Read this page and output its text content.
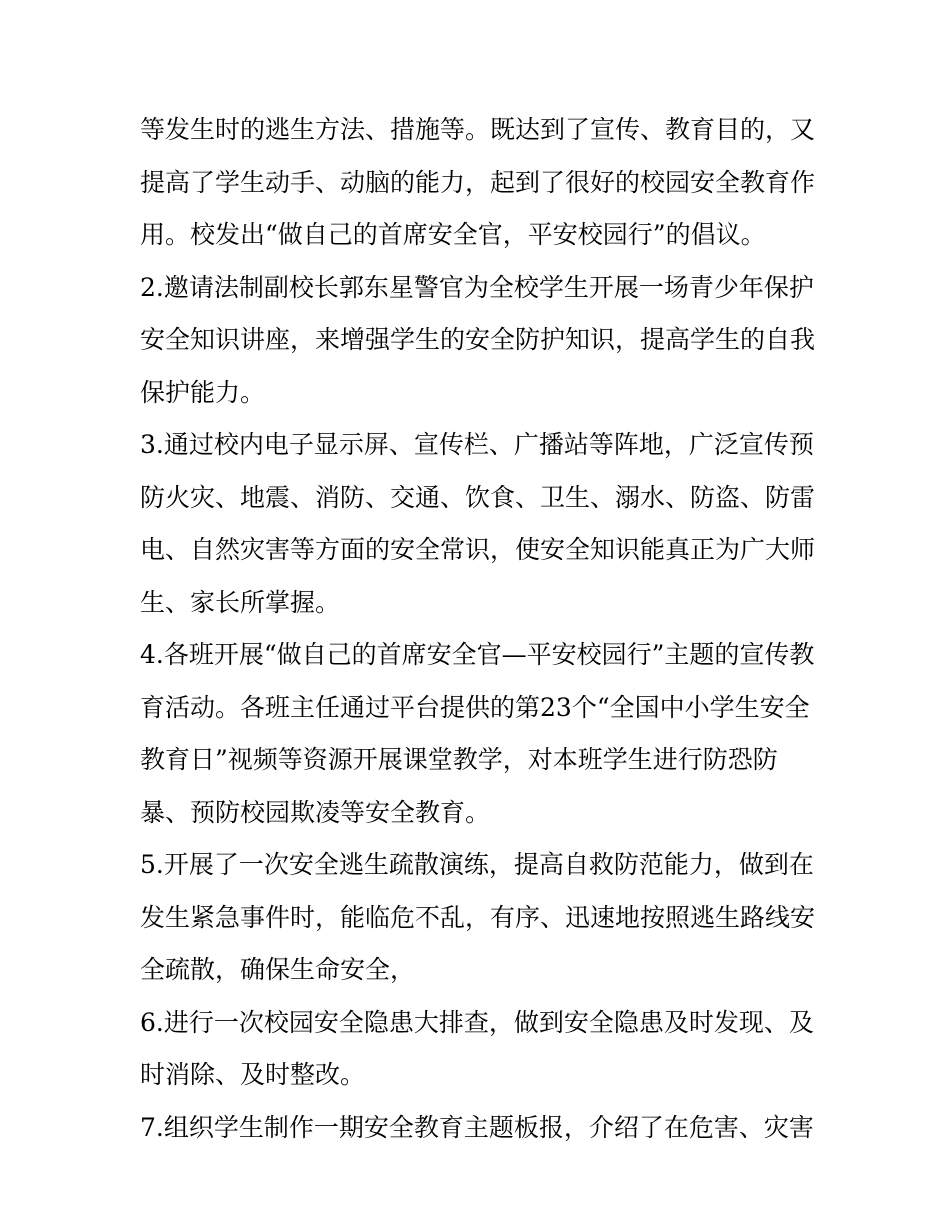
等发生时的逃生方法、措施等。既达到了宣传、教育目的，又
提高了学生动手、动脑的能力，起到了很好的校园安全教育作
用。校发出“做自己的首席安全官，平安校园行”的倡议。

2.邀请法制副校长郭东星警官为全校学生开展一场青少年保护
安全知识讲座，来增强学生的安全防护知识，提高学生的自我
保护能力。

3.通过校内电子显示屏、宣传栏、广播站等阵地，广泛宣传预
防火灾、地震、消防、交通、饮食、卫生、溺水、防盗、防雷
电、自然灾害等方面的安全常识，使安全知识能真正为广大师
生、家长所掌握。

4.各班开展“做自己的首席安全官—平安校园行”主题的宣传教
育活动。各班主任通过平台提供的第23个“全国中小学生安全
教育日”视频等资源开展课堂教学，对本班学生进行防恐防
暴、预防校园欺凌等安全教育。

5.开展了一次安全逃生疏散演练，提高自救防范能力，做到在
发生紧急事件时，能临危不乱，有序、迅速地按照逃生路线安
全疏散，确保生命安全，

6.进行一次校园安全隐患大排查，做到安全隐患及时发现、及
时消除、及时整改。

7.组织学生制作一期安全教育主题板报，介绍了在危害、灾害
